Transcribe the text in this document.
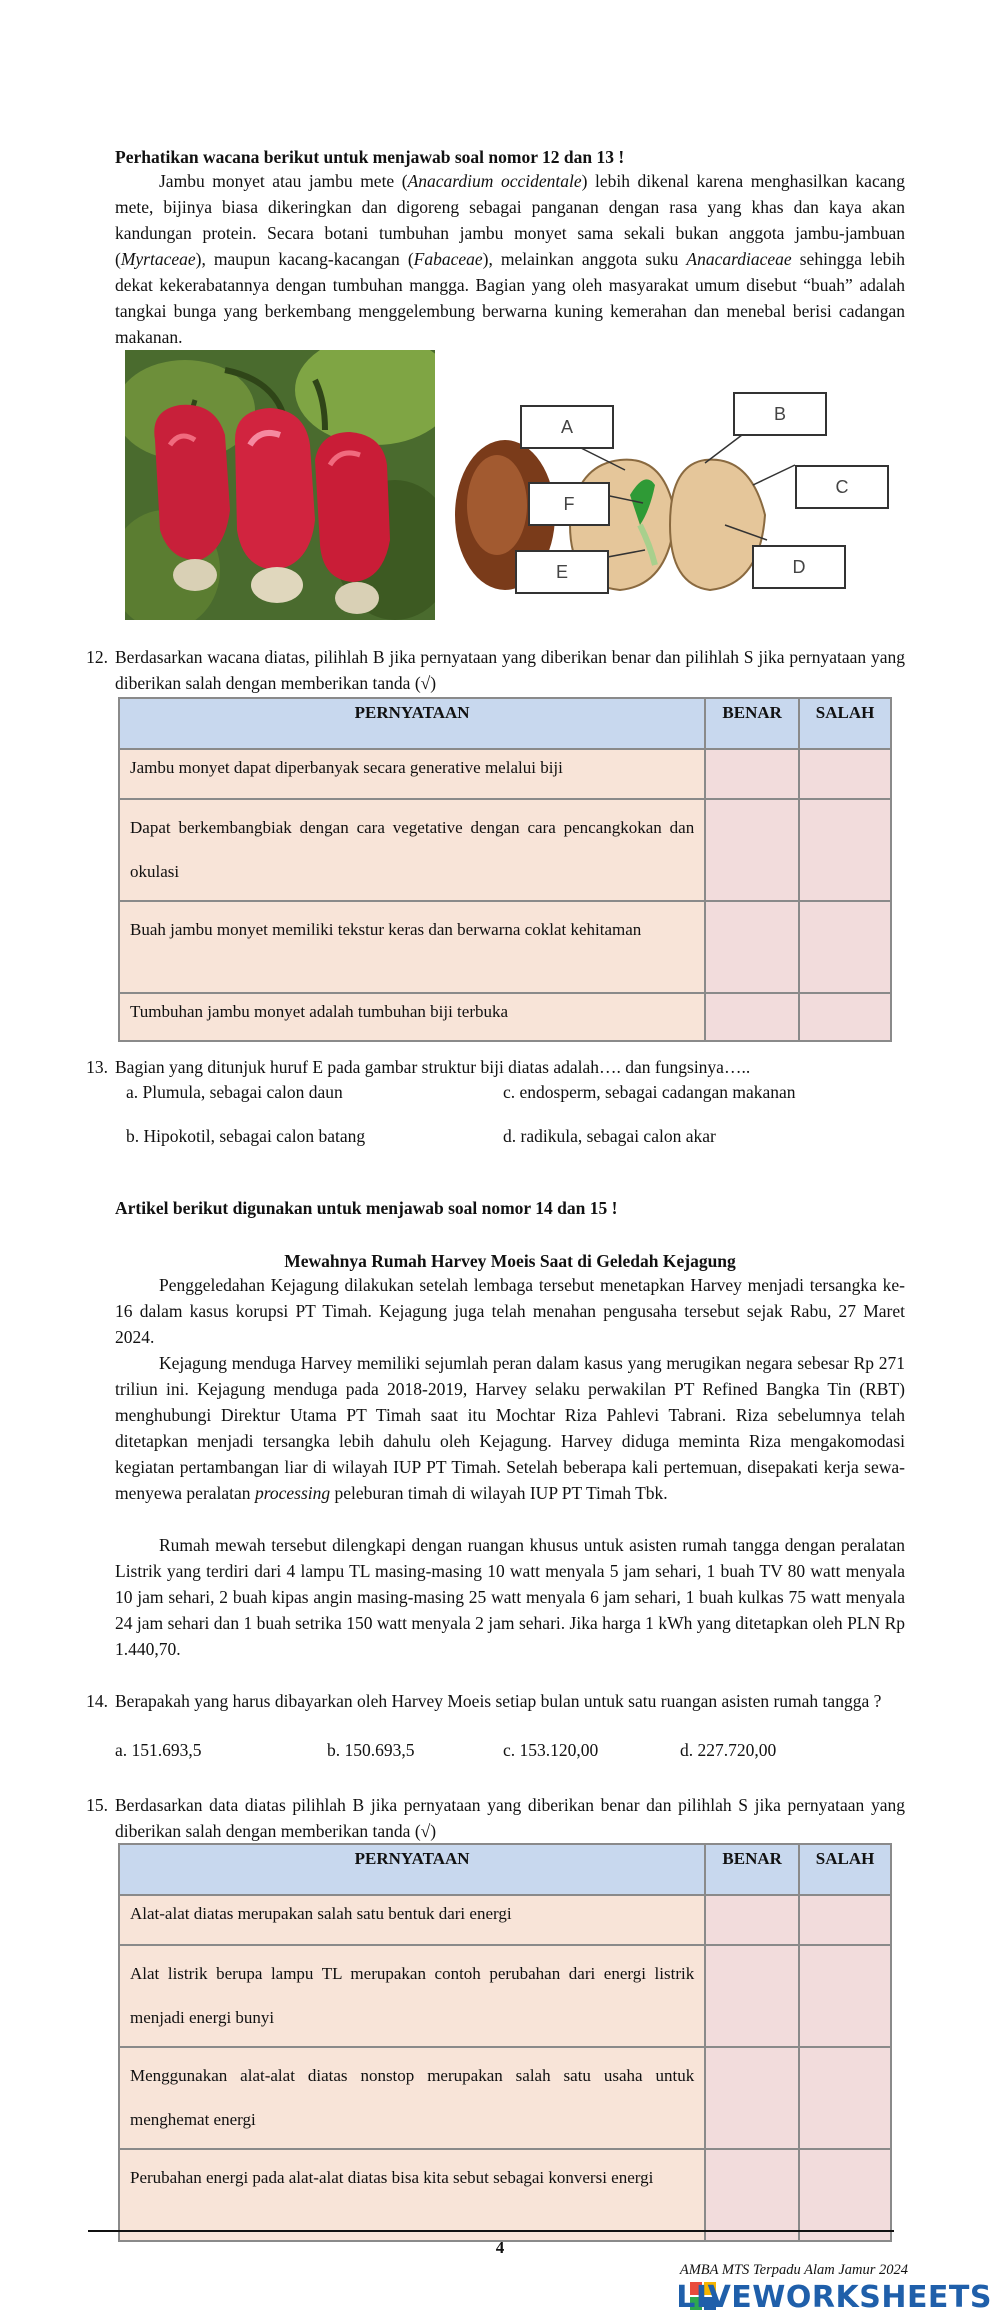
Perhatikan wacana berikut untuk menjawab soal nomor 12 dan 13 !
Jambu monyet atau jambu mete (Anacardium occidentale) lebih dikenal karena menghasilkan kacang mete, bijinya biasa dikeringkan dan digoreng sebagai panganan dengan rasa yang khas dan kaya akan kandungan protein. Secara botani tumbuhan jambu monyet sama sekali bukan anggota jambu-jambuan (Myrtaceae), maupun kacang-kacangan (Fabaceae), melainkan anggota suku Anacardiaceae sehingga lebih dekat kekerabatannya dengan tumbuhan mangga. Bagian yang oleh masyarakat umum disebut “buah” adalah tangkai bunga yang berkembang menggelembung berwarna kuning kemerahan dan menebal berisi cadangan makanan.
A
B
C
D
E
F
12. Berdasarkan wacana diatas, pilihlah B jika pernyataan yang diberikan benar dan pilihlah S jika pernyataan yang diberikan salah dengan memberikan tanda (√)
PERNYATAAN	BENAR	SALAH
Jambu monyet dapat diperbanyak secara generative melalui biji		
Dapat berkembangbiak dengan cara vegetative dengan cara pencangkokan dan okulasi		
Buah jambu monyet memiliki tekstur keras dan berwarna coklat kehitaman		
Tumbuhan jambu monyet adalah tumbuhan biji terbuka		
13. Bagian yang ditunjuk huruf E pada gambar struktur biji diatas adalah…. dan fungsinya…..
a. Plumula, sebagai calon daun	c. endosperm, sebagai cadangan makanan
b. Hipokotil, sebagai calon batang	d. radikula, sebagai calon akar
Artikel berikut digunakan untuk menjawab soal nomor 14 dan 15 !
Mewahnya Rumah Harvey Moeis Saat di Geledah Kejagung
Penggeledahan Kejagung dilakukan setelah lembaga tersebut menetapkan Harvey menjadi tersangka ke-16 dalam kasus korupsi PT Timah. Kejagung juga telah menahan pengusaha tersebut sejak Rabu, 27 Maret 2024.
Kejagung menduga Harvey memiliki sejumlah peran dalam kasus yang merugikan negara sebesar Rp 271 triliun ini. Kejagung menduga pada 2018-2019, Harvey selaku perwakilan PT Refined Bangka Tin (RBT) menghubungi Direktur Utama PT Timah saat itu Mochtar Riza Pahlevi Tabrani. Riza sebelumnya telah ditetapkan menjadi tersangka lebih dahulu oleh Kejagung. Harvey diduga meminta Riza mengakomodasi kegiatan pertambangan liar di wilayah IUP PT Timah. Setelah beberapa kali pertemuan, disepakati kerja sewa-menyewa peralatan processing peleburan timah di wilayah IUP PT Timah Tbk.
Rumah mewah tersebut dilengkapi dengan ruangan khusus untuk asisten rumah tangga dengan peralatan Listrik yang terdiri dari 4 lampu TL masing-masing 10 watt menyala 5 jam sehari, 1 buah TV 80 watt menyala 10 jam sehari, 2 buah kipas angin masing-masing 25 watt menyala 6 jam sehari, 1 buah kulkas 75 watt menyala 24 jam sehari dan 1 buah setrika 150 watt menyala 2 jam sehari. Jika harga 1 kWh yang ditetapkan oleh PLN Rp 1.440,70.
14. Berapakah yang harus dibayarkan oleh Harvey Moeis setiap bulan untuk satu ruangan asisten rumah tangga ?
a. 151.693,5	b. 150.693,5	c. 153.120,00	d. 227.720,00
15. Berdasarkan data diatas pilihlah B jika pernyataan yang diberikan benar dan pilihlah S jika pernyataan yang diberikan salah dengan memberikan tanda (√)
PERNYATAAN	BENAR	SALAH
Alat-alat diatas merupakan salah satu bentuk dari energi		
Alat listrik berupa lampu TL merupakan contoh perubahan dari energi listrik menjadi energi bunyi		
Menggunakan alat-alat diatas nonstop merupakan salah satu usaha untuk menghemat energi		
Perubahan energi pada alat-alat diatas bisa kita sebut sebagai konversi energi		
4
AMBA MTS Terpadu Alam Jamur 2024
LIVEWORKSHEETS
